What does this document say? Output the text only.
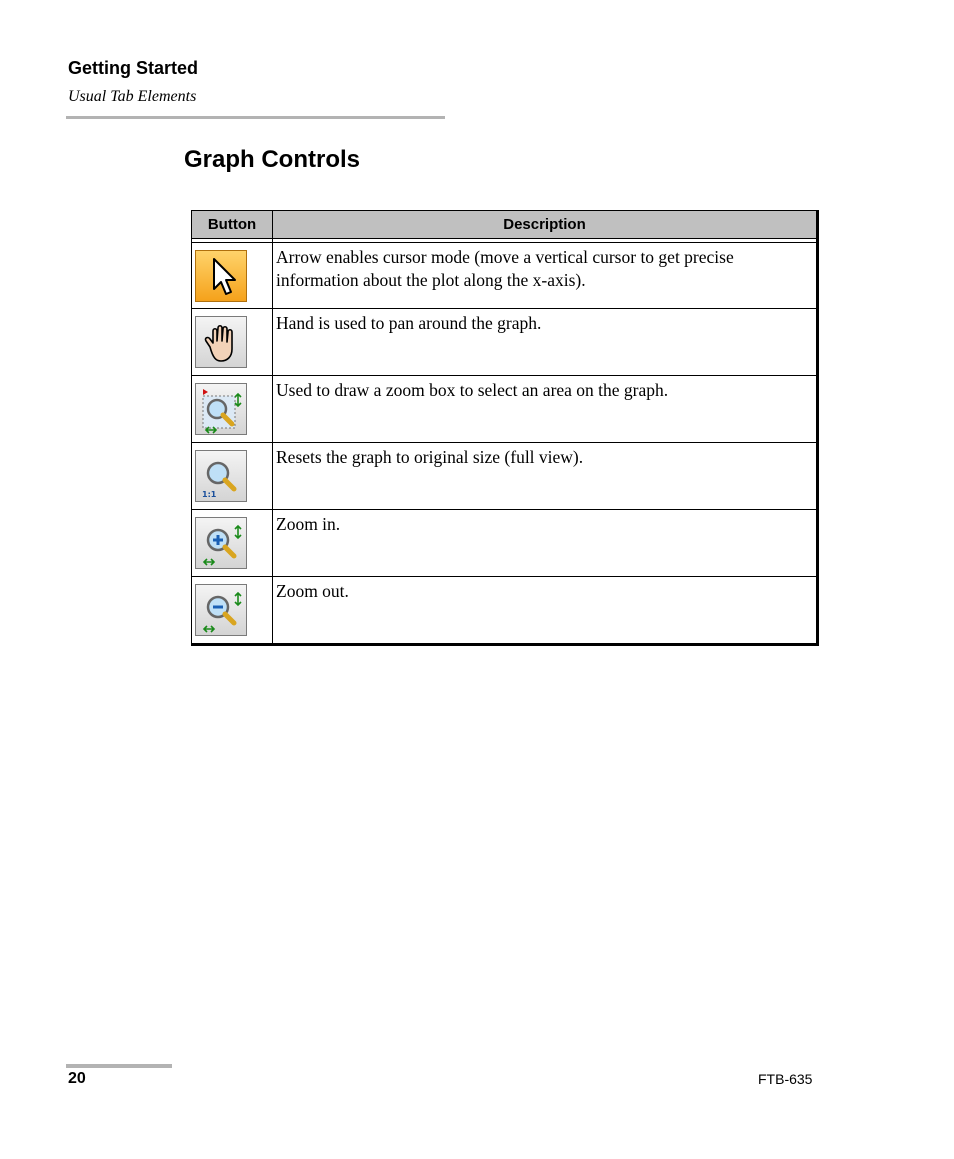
Getting Started
Usual Tab Elements
Graph Controls
Button	Description

	Arrow enables cursor mode (move a vertical cursor to get precise information about the plot along the x-axis).

	Hand is used to pan around the graph.

	Used to draw a zoom box to select an area on the graph.

1:1	Resets the graph to original size (full view).

	Zoom in.

	Zoom out.
20	FTB-635
